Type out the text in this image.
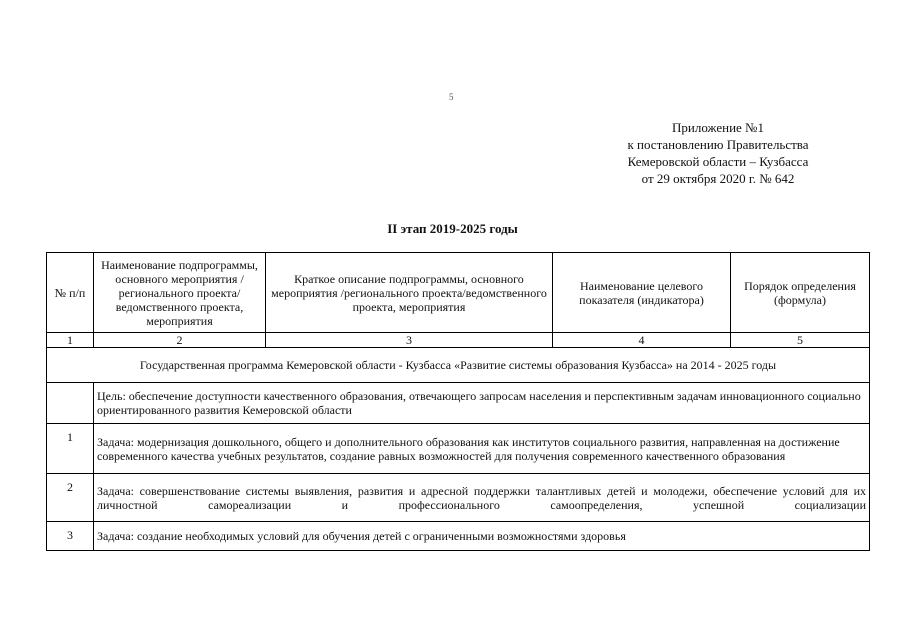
5
Приложение №1
к постановлению Правительства
Кемеровской области – Кузбасса
от 29 октября 2020 г. № 642
II этап 2019-2025 годы
№ п/п	Наименование подпрограммы, основного мероприятия /регионального проекта/ведомственного проекта, мероприятия	Краткое описание подпрограммы, основного мероприятия /регионального проекта/ведомственного проекта, мероприятия	Наименование целевого показателя (индикатора)	Порядок определения (формула)
1	2	3	4	5
Государственная программа Кемеровской области - Кузбасса «Развитие системы образования Кузбасса» на 2014 - 2025 годы				
	Цель: обеспечение доступности качественного образования, отвечающего запросам населения и перспективным задачам инновационного социально ориентированного развития Кемеровской области			
1	Задача: модернизация дошкольного, общего и дополнительного образования как институтов социального развития, направленная на достижение современного качества учебных результатов, создание равных возможностей для получения современного качественного образования			
2	Задача: совершенствование системы выявления, развития и адресной поддержки талантливых детей и молодежи, обеспечение условий для их личностной самореализации и профессионального самоопределения, успешной социализации			
3	Задача: создание необходимых условий для обучения детей с ограниченными возможностями здоровья			
